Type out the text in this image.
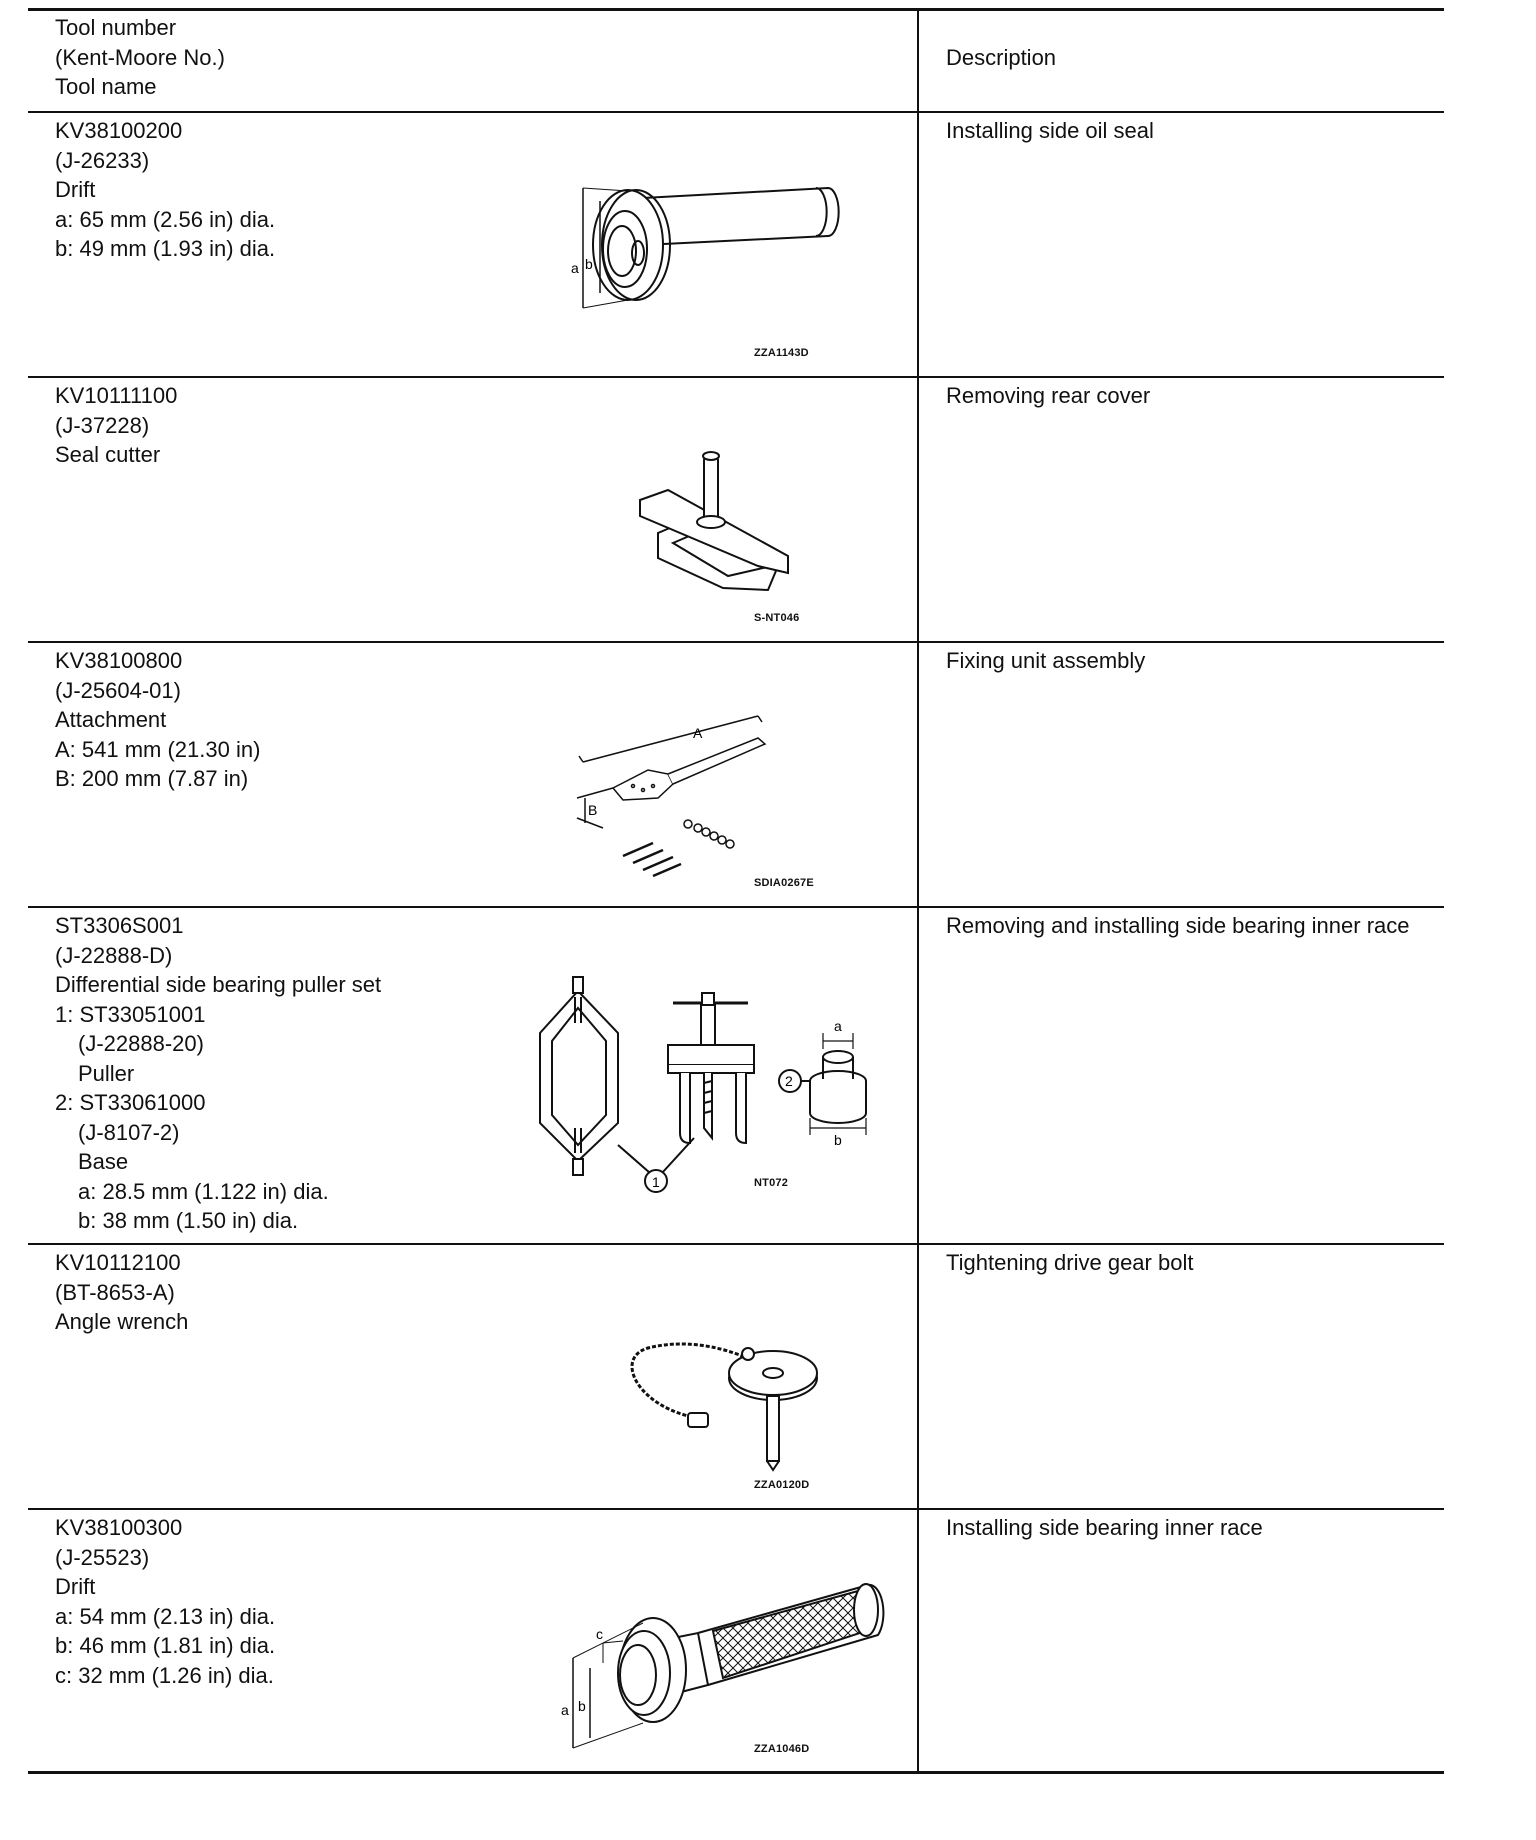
Tool number
(Kent-Moore No.)
Tool name
Description
KV38100200
(J-26233)
Drift
a: 65 mm (2.56 in) dia.
b: 49 mm (1.93 in) dia.
a b
ZZA1143D
Installing side oil seal
KV10111100
(J-37228)
Seal cutter
S-NT046
Removing rear cover
KV38100800
(J-25604-01)
Attachment
A: 541 mm (21.30 in)
B: 200 mm (7.87 in)
A
B
SDIA0267E
Fixing unit assembly
ST3306S001
(J-22888-D)
Differential side bearing puller set
1: ST33051001
(J-22888-20)
Puller
2: ST33061000
(J-8107-2)
Base
a: 28.5 mm (1.122 in) dia.
b: 38 mm (1.50 in) dia.
1
2
a
b
NT072
Removing and installing side bearing inner race
KV10112100
(BT-8653-A)
Angle wrench
ZZA0120D
Tightening drive gear bolt
KV38100300
(J-25523)
Drift
a: 54 mm (2.13 in) dia.
b: 46 mm (1.81 in) dia.
c: 32 mm (1.26 in) dia.
a b
c
ZZA1046D
Installing side bearing inner race
